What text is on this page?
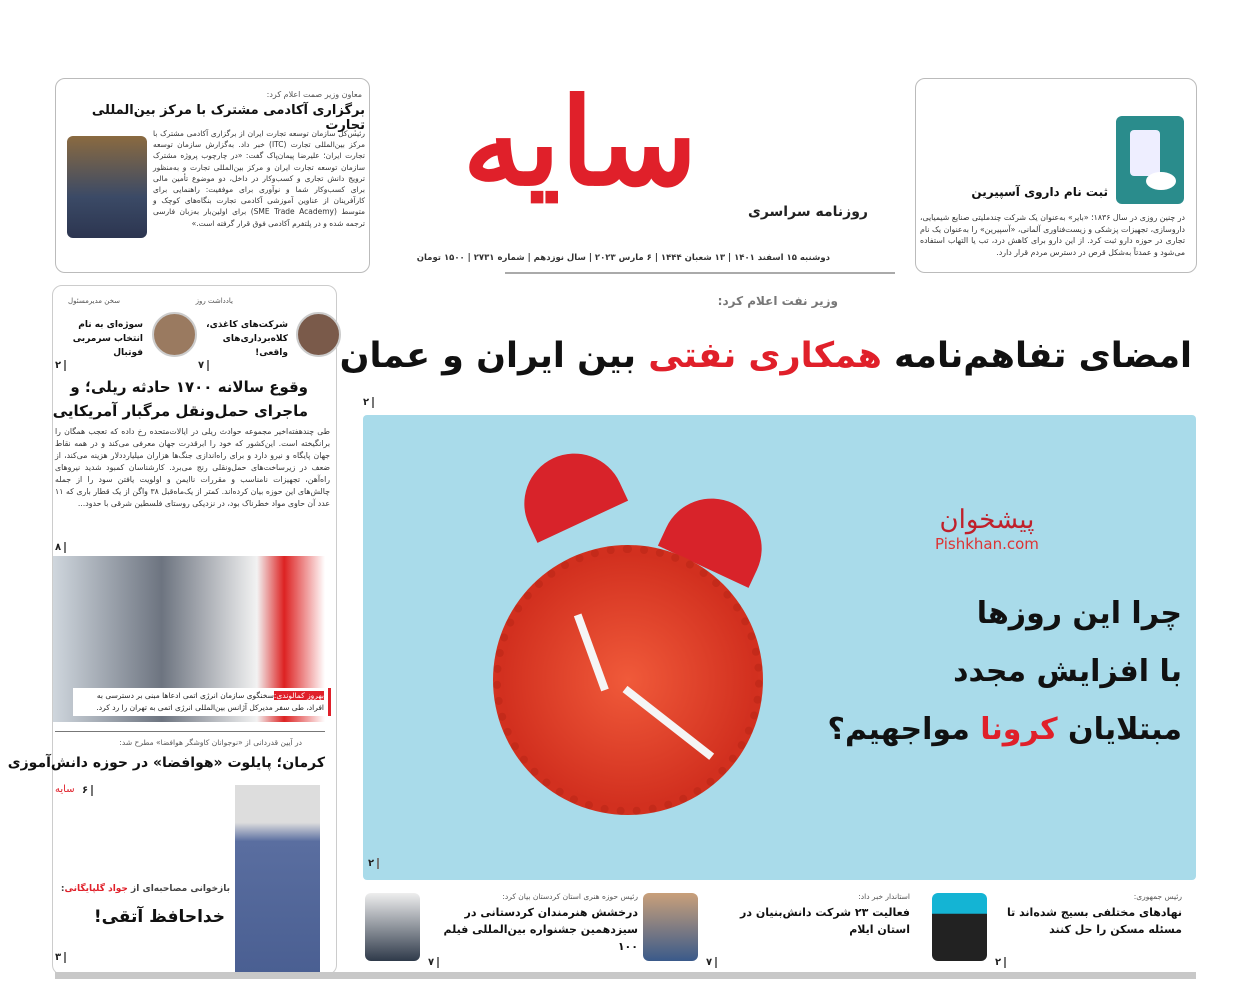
معاون وزیر صمت اعلام کرد:
برگزاری آکادمی مشترک با مرکز بین‌المللی تجارت
رئیس‌کل سازمان توسعه تجارت ایران از برگزاری آکادمی مشترک با مرکز بین‌المللی تجارت (ITC) خبر داد. به‌گزارش سازمان توسعه تجارت ایران؛ علیرضا پیمان‌پاک گفت: «در چارچوب پروژه مشترک سازمان توسعه تجارت ایران و مرکز بین‌المللی تجارت و به‌منظور ترویج دانش تجاری و کسب‌وکار در داخل، دو موضوع تأمین مالی برای کسب‌وکار شما و نوآوری برای موفقیت: راهنمایی برای کارآفرینان از عناوین آموزشی آکادمی تجارت بنگاه‌های کوچک و متوسط (SME Trade Academy) برای اولین‌بار به‌زبان فارسی ترجمه شده و در پلتفرم آکادمی فوق قرار گرفته است.»
ثبت نام داروی آسپیرین
در چنین روزی در سال ۱۸۳۶؛ «بایر» به‌عنوان یک شرکت چندملیتی صنایع شیمیایی، داروسازی، تجهیزات پزشکی و زیست‌فناوری آلمانی، «آسپیرین» را به‌عنوان یک نام تجاری در حوزه دارو ثبت کرد. از این دارو برای کاهش درد، تب یا التهاب استفاده می‌شود و عمدتاً به‌شکل قرص در دسترس مردم قرار دارد.
سایه	روزنامه سراسری
دوشنبه ۱۵ اسفند ۱۴۰۱ | ۱۳ شعبان ۱۴۴۴ | ۶ مارس ۲۰۲۳ | سال نوزدهم | شماره ۲۷۳۱ | ۱۵۰۰ تومان
یادداشت روز
سخن مدیرمسئول
شرکت‌های کاغذی، کلاه‌برداری‌های واقعی!
سوژه‌ای به نام انتخاب سرمربی فوتبال
۷
۲
وقوع سالانه ۱۷۰۰ حادثه ریلی؛ و ماجرای حمل‌ونقل مرگبار آمریکایی
طی چندهفته‌اخیر مجموعه حوادث ریلی در ایالات‌متحده رخ داده که تعجب همگان را برانگیخته است. این‌کشور که خود را ابرقدرت جهان معرفی می‌کند و در همه نقاط جهان پایگاه و نیرو دارد و برای راه‌اندازی جنگ‌ها هزاران میلیارددلار هزینه می‌کند، از ضعف در زیرساخت‌های حمل‌ونقلی رنج می‌برد. کارشناسان کمبود شدید نیروهای راه‌آهن، تجهیزات نامناسب و مقررات ناایمن و اولویت یافتن سود را از جمله چالش‌های این حوزه بیان کرده‌اند. کمتر از یک‌ماه‌قبل ۳۸ واگن از یک قطار باری که ۱۱ عدد آن حاوی مواد خطرناک بود، در نزدیکی روستای فلسطین شرقی با حدود...
۸
بهروز کمالوندی:سخنگوی سازمان انرژی اتمی ادعاها مبنی بر دسترسی به افراد، طی سفر مدیرکل آژانس بین‌المللی انرژی اتمی به تهران را رد کرد.
در آیین قدردانی از «نوجوانان کاوشگر هوافضا» مطرح شد:
کرمان؛ پایلوت «هوافضا» در حوزه دانش‌آموزی
۶
سایه
بازخوانی مصاحبه‌ای از جواد گلپایگانی:
خداحافظ آتقی!
۳
وزیر نفت اعلام کرد:
امضای تفاهم‌نامه همکاری نفتی بین ایران و عمان
۲
پیشخوان
Pishkhan.com
چرا این روزها
با افزایش مجدد
مبتلایان کرونا مواجهیم؟
۲
رئیس جمهوری:
نهادهای مختلفی بسیج شده‌اند تا مسئله مسکن را حل کنند
۲
استاندار خبر داد:
فعالیت ۲۳ شرکت دانش‌بنیان در استان ایلام
۷
رئیس حوزه هنری استان کردستان بیان کرد:
درخشش هنرمندان کردستانی در سیزدهمین جشنواره بین‌المللی فیلم ۱۰۰
۷
